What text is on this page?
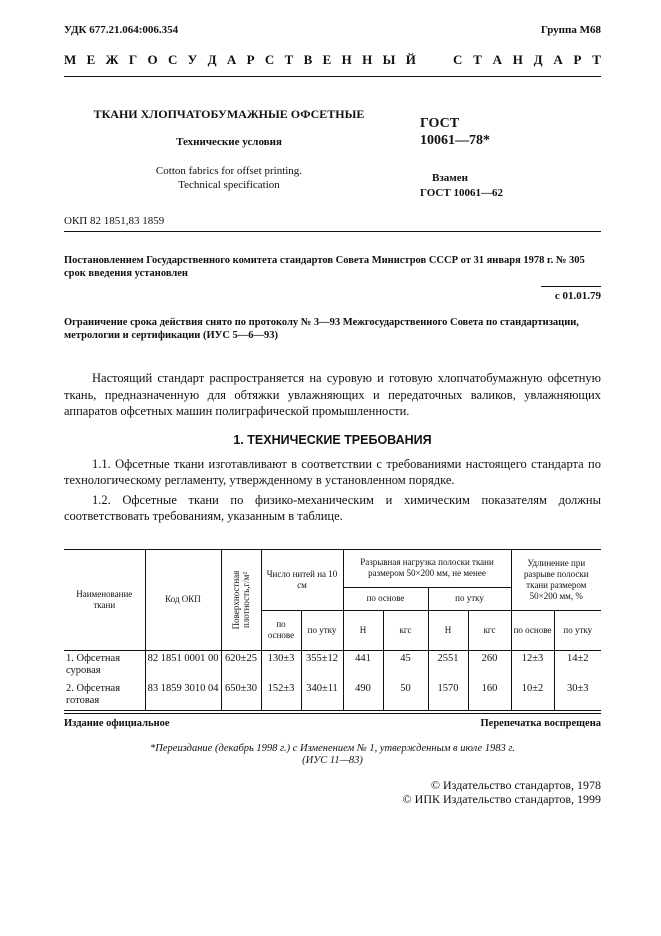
УДК 677.21.064:006.354	Группа М68
М Е Ж Г О С У Д А Р С Т В Е Н Н Ы Й	С Т А Н Д А Р Т
ТКАНИ ХЛОПЧАТОБУМАЖНЫЕ ОФСЕТНЫЕ
Технические условия
Cotton fabrics for offset printing.
Technical specification
ГОСТ
10061—78*
Взамен
ГОСТ 10061—62
ОКП 82 1851,83 1859
Постановлением Государственного комитета стандартов Совета Министров СССР от 31 января 1978 г. № 305 срок введения установлен
с 01.01.79
Ограничение срока действия снято по протоколу № 3—93 Межгосударственного Совета по стандартизации, метрологии и сертификации (ИУС 5—6—93)
Настоящий стандарт распространяется на суровую и готовую хлопчатобумажную офсетную ткань, предназначенную для обтяжки увлажняющих и передаточных валиков, увлажняющих аппаратов офсетных машин полиграфической промышленности.
1. ТЕХНИЧЕСКИЕ ТРЕБОВАНИЯ
1.1. Офсетные ткани изготавливают в соответствии с требованиями настоящего стандарта по технологическому регламенту, утвержденному в установленном порядке.
1.2. Офсетные ткани по физико-механическим и химическим показателям должны соответствовать требованиям, указанным в таблице.
Наименование ткани	Код ОКП	Поверхностная плотность,г/м²	Число нитей на 10 см		Разрывная нагрузка полоски ткани размером 50×200 мм, не менее				Удлинение при разрыве полоски ткани размером 50×200 мм, %	
					по основе		по утку			
			по основе	по утку	Н	кгс	Н	кгс	по основе	по утку

1. Офсетная
суровая	82 1851 0001 00	620±25	130±3	355±12	441	45	2551	260	12±3	14±2

2. Офсетная
готовая	83 1859 3010 04	650±30	152±3	340±11	490	50	1570	160	10±2	30±3
Издание официальное	Перепечатка воспрещена
*Переиздание (декабрь 1998 г.) с Изменением № 1, утвержденным в июле 1983 г.
(ИУС 11—83)
© Издательство стандартов, 1978
© ИПК Издательство стандартов, 1999
